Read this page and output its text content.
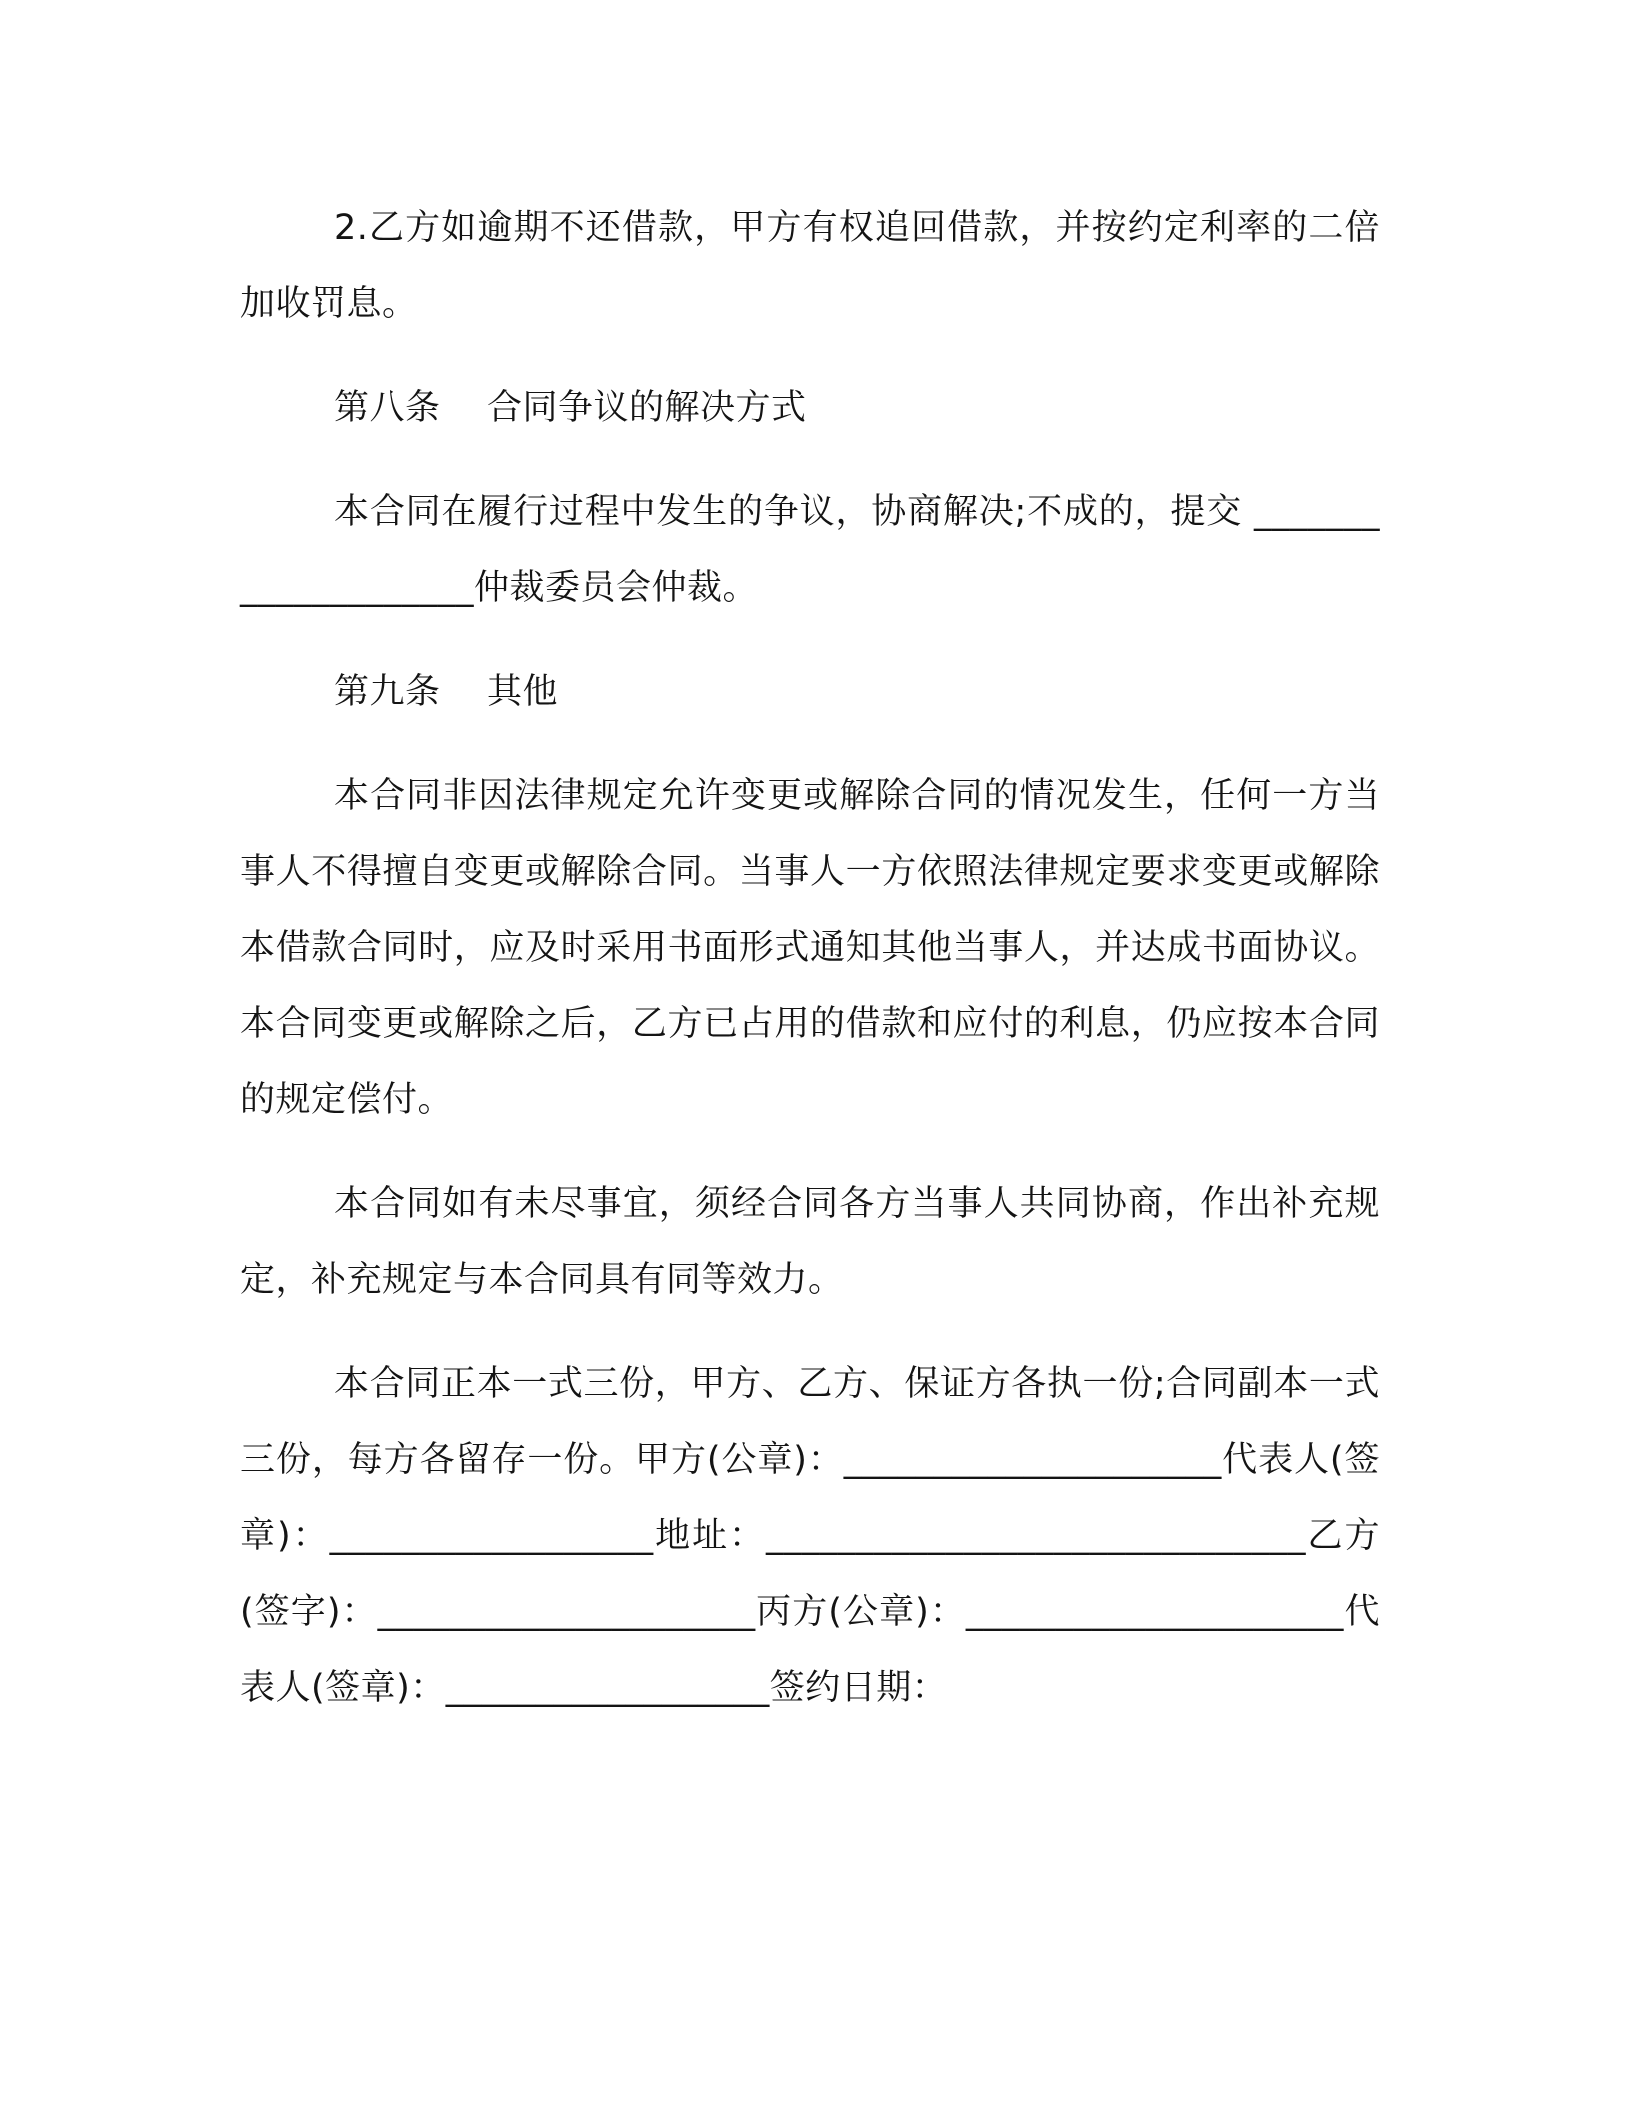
2.乙方如逾期不还借款，甲方有权追回借款，并按约定利率的二倍加收罚息。

第八条    合同争议的解决方式

本合同在履行过程中发生的争议，协商解决;不成的，提交 ____________________仲裁委员会仲裁。

第九条    其他

本合同非因法律规定允许变更或解除合同的情况发生，任何一方当事人不得擅自变更或解除合同。当事人一方依照法律规定要求变更或解除本借款合同时，应及时采用书面形式通知其他当事人，并达成书面协议。本合同变更或解除之后，乙方已占用的借款和应付的利息，仍应按本合同的规定偿付。

本合同如有未尽事宜，须经合同各方当事人共同协商，作出补充规定，补充规定与本合同具有同等效力。

本合同正本一式三份，甲方、乙方、保证方各执一份;合同副本一式三份，每方各留存一份。甲方(公章)：_____________________代表人(签章)：__________________地址：______________________________乙方(签字)：_____________________丙方(公章)：_____________________代表人(签章)：__________________签约日期：
